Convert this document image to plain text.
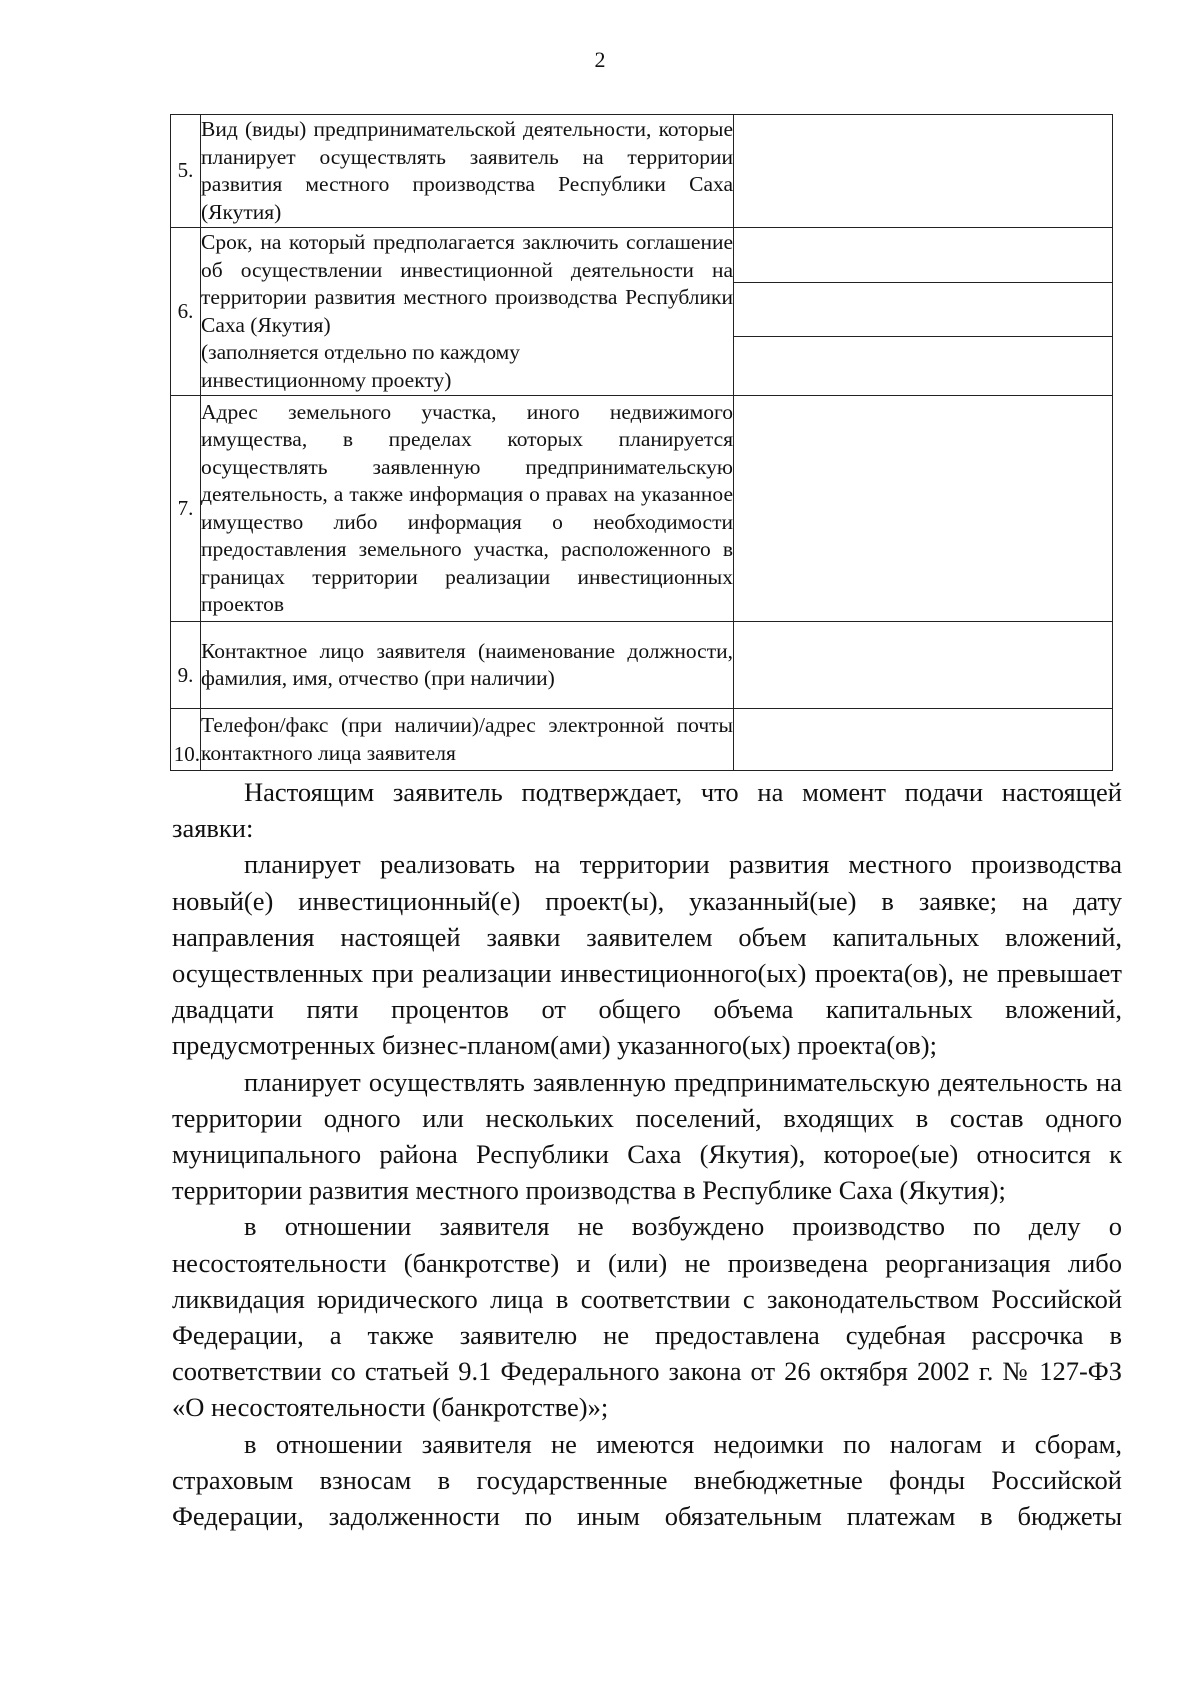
2
5.	Вид (виды) предпринимательской деятельности, которые планирует осуществлять заявитель на территории развития местного производства Республики Саха (Якутия)	

6.	Срок, на который предполагается заключить соглашение об осуществлении инвестиционной деятельности на территории развития местного производства Республики Саха (Якутия)
(заполняется отдельно по каждому
инвестиционному проекту)	

7.	Адрес земельного участка, иного недвижимого имущества, в пределах которых планируется осуществлять заявленную предпринимательскую деятельность, а также информация о правах на указанное имущество либо информация о необходимости предоставления земельного участка, расположенного в границах территории реализации инвестиционных проектов	

9.	Контактное лицо заявителя (наименование должности, фамилия, имя, отчество (при наличии)	

10.	Телефон/факс (при наличии)/адрес электронной почты контактного лица заявителя	

Настоящим заявитель подтверждает, что на момент подачи настоящей заявки:

планирует реализовать на территории развития местного производства новый(е) инвестиционный(е) проект(ы), указанный(ые) в заявке; на дату направления настоящей заявки заявителем объем капитальных вложений, осуществленных при реализации инвестиционного(ых) проекта(ов), не превышает двадцати пяти процентов от общего объема капитальных вложений, предусмотренных бизнес-планом(ами) указанного(ых) проекта(ов);

планирует осуществлять заявленную предпринимательскую деятельность на территории одного или нескольких поселений, входящих в состав одного муниципального района Республики Саха (Якутия), которое(ые) относится к территории развития местного производства в Республике Саха (Якутия);

в отношении заявителя не возбуждено производство по делу о несостоятельности (банкротстве) и (или) не произведена реорганизация либо ликвидация юридического лица в соответствии с законодательством Российской Федерации, а также заявителю не предоставлена судебная рассрочка в соответствии со статьей 9.1 Федерального закона от 26 октября 2002 г. № 127-ФЗ «О несостоятельности (банкротстве)»;

в отношении заявителя не имеются недоимки по налогам и сборам, страховым взносам в государственные внебюджетные фонды Российской Федерации, задолженности по иным обязательным платежам в бюджеты
